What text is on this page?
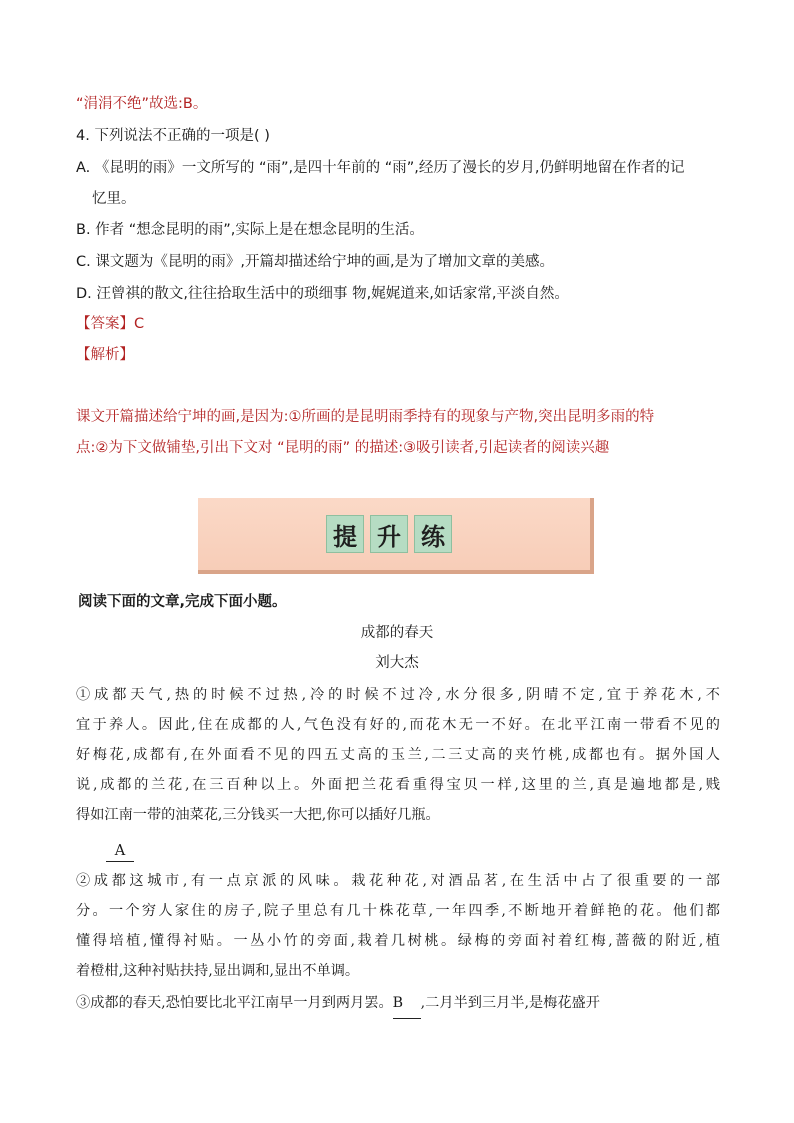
“涓涓不绝”故选:B。
4. 下列说法不正确的一项是( )
A. 《昆明的雨》一文所写的 “雨”,是四十年前的 “雨”,经历了漫长的岁月,仍鲜明地留在作者的记
忆里。
B. 作者 “想念昆明的雨”,实际上是在想念昆明的生活。
C. 课文题为《昆明的雨》,开篇却描述给宁坤的画,是为了增加文章的美感。
D. 汪曾祺的散文,往往拾取生活中的琐细事 物,娓娓道来,如话家常,平淡自然。
【答案】C
【解析】
课文开篇描述给宁坤的画,是因为:①所画的是昆明雨季持有的现象与产物,突出昆明多雨的特
点:②为下文做铺垫,引出下文对 “昆明的雨” 的描述:③吸引读者,引起读者的阅读兴趣
提 升 练
阅读下面的文章,完成下面小题。
成都的春天
刘大杰
①成都天气,热的时候不过热,冷的时候不过冷,水分很多,阴晴不定,宜于养花木,不
宜于养人。因此,住在成都的人,气色没有好的,而花木无一不好。在北平江南一带看不见的
好梅花,成都有,在外面看不见的四五丈高的玉兰,二三丈高的夹竹桃,成都也有。据外国人
说,成都的兰花,在三百种以上。外面把兰花看重得宝贝一样,这里的兰,真是遍地都是,贱
得如江南一带的油菜花,三分钱买一大把,你可以插好几瓶。
A
②成都这城市,有一点京派的风味。栽花种花,对酒品茗,在生活中占了很重要的一部
分。一个穷人家住的房子,院子里总有几十株花草,一年四季,不断地开着鲜艳的花。他们都
懂得培植,懂得衬贴。一丛小竹的旁面,栽着几树桃。绿梅的旁面衬着红梅,蔷薇的附近,植
着橙柑,这种衬贴扶持,显出调和,显出不单调。
③成都的春天,恐怕要比北平江南早一月到两月罢。B ,二月半到三月半,是梅花盛开
